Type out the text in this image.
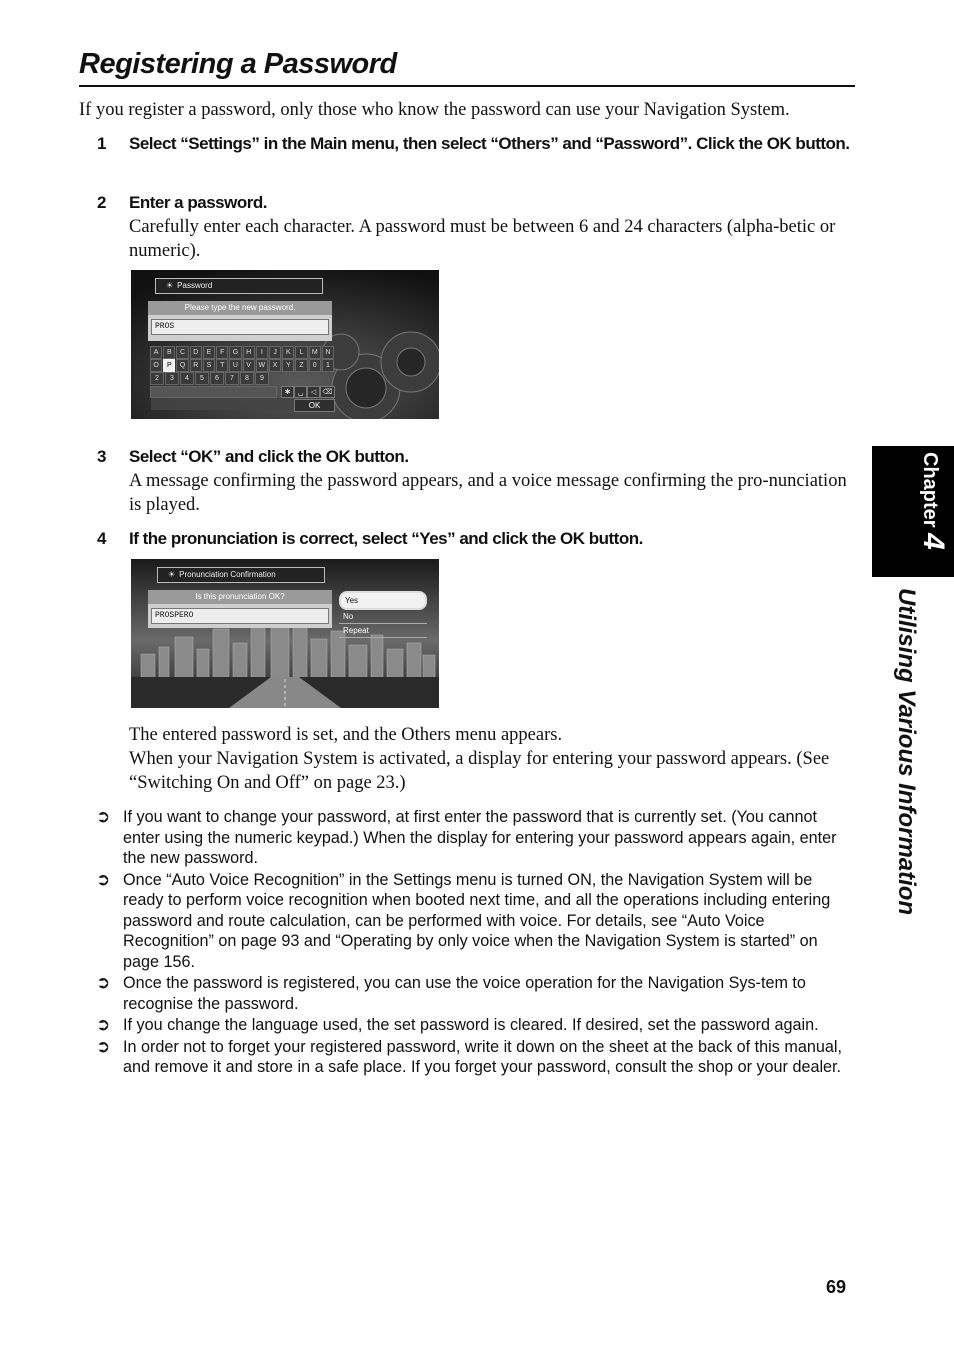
Registering a Password
If you register a password, only those who know the password can use your Navigation System.
1 Select “Settings” in the Main menu, then select “Others” and “Password”. Click the OK button.
2 Enter a password.
Carefully enter each character. A password must be between 6 and 24 characters (alpha-betic or numeric).
☀ Password
Please type the new password.
PROS
A	B	C	D	E	F	G	H	I	J	K	L	M	N
O	P	Q	R	S	T	U	V	W	X	Y	Z	0	1
2	3	4	5	6	7	8	9
✱	␣	◁ ⌫
OK
3 Select “OK” and click the OK button.
A message confirming the password appears, and a voice message confirming the pro-nunciation is played.
4 If the pronunciation is correct, select “Yes” and click the OK button.
☀ Pronunciation Confirmation
Is this pronunciation OK?
PROSPERO
Yes
No
Repeat
The entered password is set, and the Others menu appears.
When your Navigation System is activated, a display for entering your password appears. (See “Switching On and Off” on page 23.)
➲ If you want to change your password, at first enter the password that is currently set. (You cannot enter using the numeric keypad.) When the display for entering your password appears again, enter the new password.
➲ Once “Auto Voice Recognition” in the Settings menu is turned ON, the Navigation System will be ready to perform voice recognition when booted next time, and all the operations including entering password and route calculation, can be performed with voice. For details, see “Auto Voice Recognition” on page 93 and “Operating by only voice when the Navigation System is started” on page 156.
➲ Once the password is registered, you can use the voice operation for the Navigation Sys-tem to recognise the password.
➲ If you change the language used, the set password is cleared. If desired, set the password again.
➲ In order not to forget your registered password, write it down on the sheet at the back of this manual, and remove it and store in a safe place. If you forget your password, consult the shop or your dealer.
Chapter 4
Utilising Various Information
69
